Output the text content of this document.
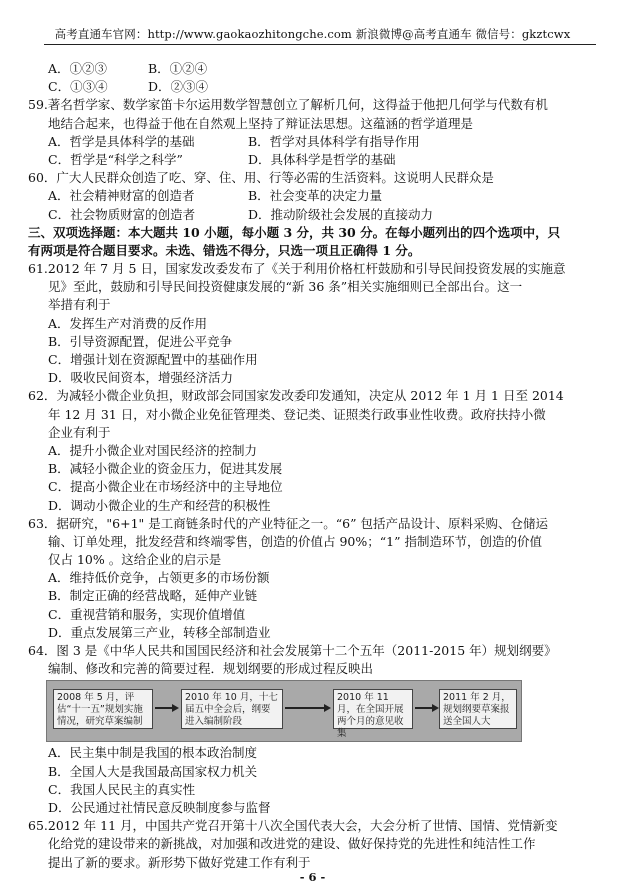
高考直通车官网：http://www.gaokaozhitongche.com 新浪微博@高考直通车 微信号：gkztcwx
A．①②③	B．①②④
C．①③④	D．②③④
59.著名哲学家、数学家笛卡尔运用数学智慧创立了解析几何，这得益于他把几何学与代数有机
地结合起来，也得益于他在自然观上坚持了辩证法思想。这蕴涵的哲学道理是
A．哲学是具体科学的基础	B．哲学对具体科学有指导作用
C．哲学是“科学之科学”	D．具体科学是哲学的基础
60．广大人民群众创造了吃、穿、住、用、行等必需的生活资料。这说明人民群众是
A．社会精神财富的创造者	B．社会变革的决定力量
C．社会物质财富的创造者	D．推动阶级社会发展的直接动力
三、双项选择题：本大题共 10 小题，每小题 3 分，共 30 分。在每小题列出的四个选项中，只
有两项是符合题目要求。未选、错选不得分，只选一项且正确得 1 分。
61.2012 年 7 月 5 日，国家发改委发布了《关于利用价格杠杆鼓励和引导民间投资发展的实施意
见》至此，鼓励和引导民间投资健康发展的“新 36 条”相关实施细则已全部出台。这一
举措有利于
A．发挥生产对消费的反作用
B．引导资源配置，促进公平竞争
C．增强计划在资源配置中的基础作用
D．吸收民间资本，增强经济活力
62．为减轻小微企业负担，财政部会同国家发改委印发通知，决定从 2012 年 1 月 1 日至 2014
年 12 月 31 日，对小微企业免征管理类、登记类、证照类行政事业性收费。政府扶持小微
企业有利于
A．提升小微企业对国民经济的控制力
B．减轻小微企业的资金压力，促进其发展
C．提高小微企业在市场经济中的主导地位
D．调动小微企业的生产和经营的积极性
63．据研究，"6+1" 是工商链条时代的产业特征之一。“6” 包括产品设计、原料采购、仓储运
输、订单处理，批发经营和终端零售，创造的价值占 90%；“1” 指制造环节，创造的价值
仅占 10% 。这给企业的启示是
A．维持低价竞争，占领更多的市场份额
B．制定正确的经营战略，延伸产业链
C．重视营销和服务，实现价值增值
D．重点发展第三产业，转移全部制造业
64．图 3 是《中华人民共和国国民经济和社会发展第十二个五年（2011-2015 年）规划纲要》
编制、修改和完善的简要过程．规划纲要的形成过程反映出
2008 年 5 月，评估“十一五”规划实施情况，研究草案编制
2010 年 10 月，十七届五中全会后，纲要进入编制阶段
2010 年 11 月，在全国开展两个月的意见收集
2011 年 2 月，规划纲要草案报送全国人大
A．民主集中制是我国的根本政治制度
B．全国人大是我国最高国家权力机关
C．我国人民民主的真实性
D．公民通过社情民意反映制度参与监督
65.2012 年 11 月，中国共产党召开第十八次全国代表大会，大会分析了世情、国情、党情新变
化给党的建设带来的新挑战，对加强和改进党的建设、做好保持党的先进性和纯洁性工作
提出了新的要求。新形势下做好党建工作有利于
- 6 -
